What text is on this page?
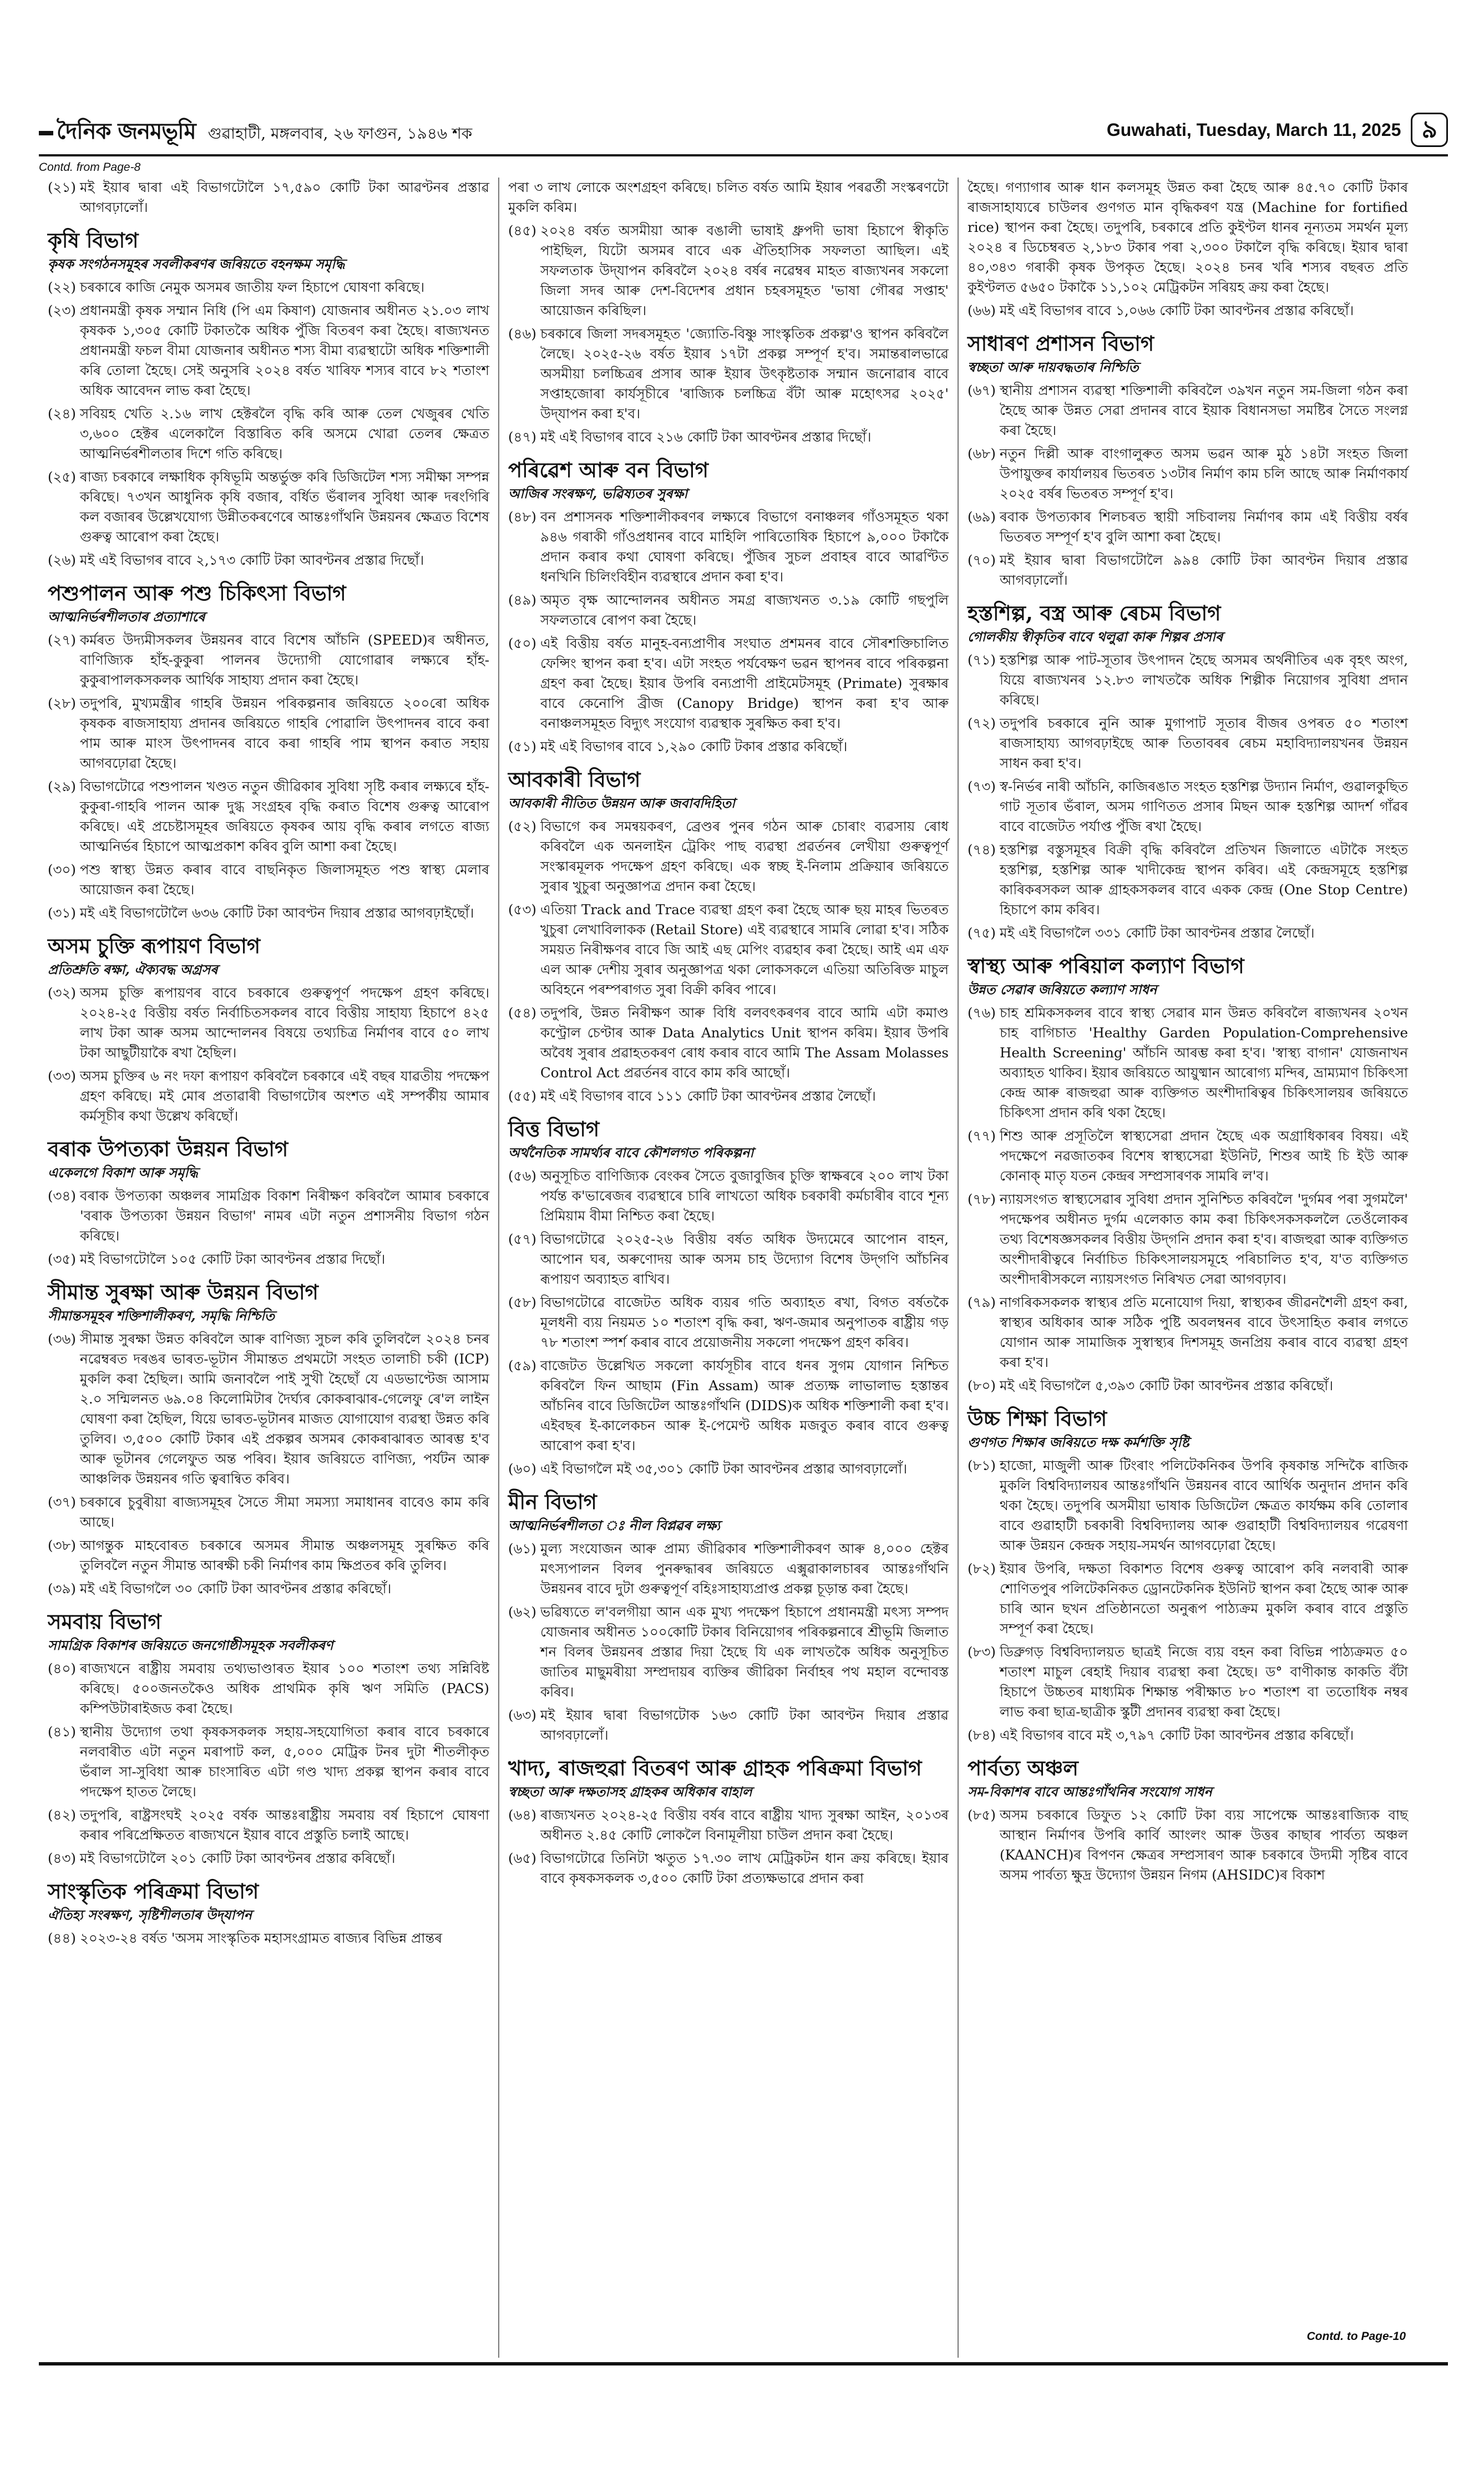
দৈনিক জনমভূমি গুৱাহাটী, মঙ্গলবাৰ, ২৬ ফাগুন, ১৯৪৬ শক	Guwahati, Tuesday, March 11, 2025 ৯
Contd. from Page-8
(২১) মই ইয়াৰ দ্বাৰা এই বিভাগটোলৈ ১৭,৫৯০ কোটি টকা আৱণ্টনৰ প্ৰস্তাৱ আগবঢ়ালোঁ।
কৃষি বিভাগ
কৃষক সংগঠনসমূহৰ সবলীকৰণৰ জৰিয়তে বহনক্ষম সমৃদ্ধি
(২২) চৰকাৰে কাজি নেমুক অসমৰ জাতীয় ফল হিচাপে ঘোষণা কৰিছে।
(২৩) প্ৰধানমন্ত্ৰী কৃষক সম্মান নিধি (পি এম কিষাণ) যোজনাৰ অধীনত ২১.০৩ লাখ কৃষকক ১,৩০৫ কোটি টকাতকৈ অধিক পুঁজি বিতৰণ কৰা হৈছে। ৰাজ্যখনত প্ৰধানমন্ত্ৰী ফচল বীমা যোজনাৰ অধীনত শস্য বীমা ব্যৱস্থাটো অধিক শক্তিশালী কৰি তোলা হৈছে। সেই অনুসৰি ২০২৪ বৰ্ষত খাৰিফ শস্যৰ বাবে ৮২ শতাংশ অধিক আবেদন লাভ কৰা হৈছে।
(২৪) সবিয়হ খেতি ২.১৬ লাখ হেক্টৰলৈ বৃদ্ধি কৰি আৰু তেল খেজুৰৰ খেতি ৩,৬০০ হেক্টৰ এলেকালৈ বিস্তাৰিত কৰি অসমে খোৱা তেলৰ ক্ষেত্ৰত আত্মনিৰ্ভৰশীলতাৰ দিশে গতি কৰিছে।
(২৫) ৰাজ্য চৰকাৰে লক্ষাধিক কৃষিভূমি অন্তৰ্ভুক্ত কৰি ডিজিটেল শস্য সমীক্ষা সম্পন্ন কৰিছে। ৭৩খন আধুনিক কৃষি বজাৰ, বৰ্ধিত ভঁৰালৰ সুবিধা আৰু দৰংগিৰি কল বজাৰৰ উল্লেখযোগ্য উন্নীতকৰণেৰে আন্তঃগাঁথনি উন্নয়নৰ ক্ষেত্ৰত বিশেষ গুৰুত্ব আৰোপ কৰা হৈছে।
(২৬) মই এই বিভাগৰ বাবে ২,১৭৩ কোটি টকা আবণ্টনৰ প্ৰস্তাৱ দিছোঁ।
পশুপালন আৰু পশু চিকিৎসা বিভাগ
আত্মনিৰ্ভৰশীলতাৰ প্ৰত্যাশাৰে
(২৭) কৰ্মৰত উদ্যমীসকলৰ উন্নয়নৰ বাবে বিশেষ আঁচনি (SPEED)ৰ অধীনত, বাণিজ্যিক হাঁহ-কুকুৰা পালনৰ উদ্যোগী যোগোৱাৰ লক্ষ্যৰে হাঁহ-কুকুৰাপালকসকলক আৰ্থিক সাহায্য প্ৰদান কৰা হৈছে।
(২৮) তদুপৰি, মুখ্যমন্ত্ৰীৰ গাহৰি উন্নয়ন পৰিকল্পনাৰ জৰিয়তে ২০০ৰো অধিক কৃষকক ৰাজসাহায্য প্ৰদানৰ জৰিয়তে গাহৰি পোৱালি উৎপাদনৰ বাবে কৰা পাম আৰু মাংস উৎপাদনৰ বাবে কৰা গাহৰি পাম স্থাপন কৰাত সহায় আগবঢ়োৱা হৈছে।
(২৯) বিভাগটোৱে পশুপালন খণ্ডত নতুন জীৱিকাৰ সুবিধা সৃষ্টি কৰাৰ লক্ষ্যৰে হাঁহ-কুকুৰা-গাহৰি পালন আৰু দুগ্ধ সংগ্ৰহৰ বৃদ্ধি কৰাত বিশেষ গুৰুত্ব আৰোপ কৰিছে। এই প্ৰচেষ্টাসমূহৰ জৰিয়তে কৃষকৰ আয় বৃদ্ধি কৰাৰ লগতে ৰাজ্য আত্মনিৰ্ভৰ হিচাপে আত্মপ্ৰকাশ কৰিব বুলি আশা কৰা হৈছে।
(৩০) পশু স্বাস্থ্য উন্নত কৰাৰ বাবে বাছনিকৃত জিলাসমূহত পশু স্বাস্থ্য মেলাৰ আয়োজন কৰা হৈছে।
(৩১) মই এই বিভাগটোলৈ ৬৩৬ কোটি টকা আবণ্টন দিয়াৰ প্ৰস্তাৱ আগবঢ়াইছোঁ।
অসম চুক্তি ৰূপায়ণ বিভাগ
প্ৰতিশ্ৰুতি ৰক্ষা, ঐক্যবদ্ধ অগ্ৰসৰ
(৩২) অসম চুক্তি ৰূপায়ণৰ বাবে চৰকাৰে গুৰুত্বপূৰ্ণ পদক্ষেপ গ্ৰহণ কৰিছে। ২০২৪-২৫ বিত্তীয় বৰ্ষত নিৰ্বাচিতসকলৰ বাবে বিত্তীয় সাহায্য হিচাপে ৪২৫ লাখ টকা আৰু অসম আন্দোলনৰ বিষয়ে তথ্যচিত্ৰ নিৰ্মাণৰ বাবে ৫০ লাখ টকা আছুটীয়াকৈ ৰখা হৈছিল।
(৩৩) অসম চুক্তিৰ ৬ নং দফা ৰূপায়ণ কৰিবলৈ চৰকাৰে এই বছৰ যাৱতীয় পদক্ষেপ গ্ৰহণ কৰিছে। মই মোৰ প্ৰতাৱাৰী বিভাগটোৰ অংশত এই সম্পৰ্কীয় আমাৰ কৰ্মসূচীৰ কথা উল্লেখ কৰিছোঁ।
বৰাক উপত্যকা উন্নয়ন বিভাগ
একেলগে বিকাশ আৰু সমৃদ্ধি
(৩৪) বৰাক উপত্যকা অঞ্চলৰ সামগ্ৰিক বিকাশ নিৰীক্ষণ কৰিবলৈ আমাৰ চৰকাৰে 'বৰাক উপত্যকা উন্নয়ন বিভাগ' নামৰ এটা নতুন প্ৰশাসনীয় বিভাগ গঠন কৰিছে।
(৩৫) মই বিভাগটোলৈ ১০৫ কোটি টকা আবণ্টনৰ প্ৰস্তাৱ দিছোঁ।
সীমান্ত সুৰক্ষা আৰু উন্নয়ন বিভাগ
সীমান্তসমূহৰ শক্তিশালীকৰণ, সমৃদ্ধি নিশ্চিতি
(৩৬) সীমান্ত সুৰক্ষা উন্নত কৰিবলৈ আৰু বাণিজ্য সুচল কৰি তুলিবলৈ ২০২৪ চনৰ নৱেম্বৰত দৰঙৰ ভাৰত-ভূটান সীমান্তত প্ৰথমটো সংহত তালাচী চকী (ICP) মুকলি কৰা হৈছিল। আমি জনাবলৈ পাই সুখী হৈছোঁ যে এডভাণ্টেজ আসাম ২.০ সন্মিলনত ৬৯.০৪ কিলোমিটাৰ দৈৰ্ঘ্যৰ কোকৰাঝাৰ-গেলেফু ৰে'ল লাইন ঘোষণা কৰা হৈছিল, যিয়ে ভাৰত-ভূটানৰ মাজত যোগাযোগ ব্যৱস্থা উন্নত কৰি তুলিব। ৩,৫০০ কোটি টকাৰ এই প্ৰকল্পৰ অসমৰ কোকৰাঝাৰত আৰম্ভ হ'ব আৰু ভূটানৰ গেলেফুত অন্ত পৰিব। ইয়াৰ জৰিয়তে বাণিজ্য, পৰ্যটন আৰু আঞ্চলিক উন্নয়নৰ গতি ত্বৰান্বিত কৰিব।
(৩৭) চৰকাৰে চুবুৰীয়া ৰাজ্যসমূহৰ সৈতে সীমা সমস্যা সমাধানৰ বাবেও কাম কৰি আছে।
(৩৮) আগন্তুক মাহবোৰত চৰকাৰে অসমৰ সীমান্ত অঞ্চলসমূহ সুৰক্ষিত কৰি তুলিবলৈ নতুন সীমান্ত আৰক্ষী চকী নিৰ্মাণৰ কাম ক্ষিপ্ৰতৰ কৰি তুলিব।
(৩৯) মই এই বিভাগলৈ ৩০ কোটি টকা আবণ্টনৰ প্ৰস্তাৱ কৰিছোঁ।
সমবায় বিভাগ
সামগ্ৰিক বিকাশৰ জৰিয়তে জনগোষ্ঠীসমূহক সবলীকৰণ
(৪০) ৰাজ্যখনে ৰাষ্ট্ৰীয় সমবায় তথ্যভাণ্ডাৰত ইয়াৰ ১০০ শতাংশ তথ্য সন্নিবিষ্ট কৰিছে। ৫০০জনতকৈও অধিক প্ৰাথমিক কৃষি ঋণ সমিতি (PACS) কম্পিউটাৰাইজড কৰা হৈছে।
(৪১) স্থানীয় উদ্যোগ তথা কৃষকসকলক সহায়-সহযোগিতা কৰাৰ বাবে চৰকাৰে নলবাৰীত এটা নতুন মৰাপাট কল, ৫,০০০ মেট্ৰিক টনৰ দুটা শীতলীকৃত ভঁৰাল সা-সুবিধা আৰু চাংসাৰিত এটা গণ্ড খাদ্য প্ৰকল্প স্থাপন কৰাৰ বাবে পদক্ষেপ হাতত লৈছে।
(৪২) তদুপৰি, ৰাষ্ট্ৰসংঘই ২০২৫ বৰ্ষক আন্তঃৰাষ্ট্ৰীয় সমবায় বৰ্ষ হিচাপে ঘোষণা কৰাৰ পৰিপ্ৰেক্ষিতত ৰাজ্যখনে ইয়াৰ বাবে প্ৰস্তুতি চলাই আছে।
(৪৩) মই বিভাগটোলৈ ২০১ কোটি টকা আবণ্টনৰ প্ৰস্তাৱ কৰিছোঁ।
সাংস্কৃতিক পৰিক্ৰমা বিভাগ
ঐতিহ্য সংৰক্ষণ, সৃষ্টিশীলতাৰ উদ্‌যাপন
(৪৪) ২০২৩-২৪ বৰ্ষত 'অসম সাংস্কৃতিক মহাসংগ্ৰামত ৰাজ্যৰ বিভিন্ন প্ৰান্তৰ
পৰা ৩ লাখ লোকে অংশগ্ৰহণ কৰিছে। চলিত বৰ্ষত আমি ইয়াৰ পৰৱৰ্তী সংস্কৰণটো মুকলি কৰিম।
(৪৫) ২০২৪ বৰ্ষত অসমীয়া আৰু বঙালী ভাষাই ধ্ৰুপদী ভাষা হিচাপে স্বীকৃতি পাইছিল, যিটো অসমৰ বাবে এক ঐতিহাসিক সফলতা আছিল। এই সফলতাক উদ্‌যাপন কৰিবলৈ ২০২৪ বৰ্ষৰ নৱেম্বৰ মাহত ৰাজ্যখনৰ সকলো জিলা সদৰ আৰু দেশ-বিদেশৰ প্ৰধান চহৰসমূহত 'ভাষা গৌৰৱ সপ্তাহ' আয়োজন কৰিছিল।
(৪৬) চৰকাৰে জিলা সদৰসমূহত 'জ্যোতি-বিষ্ণু সাংস্কৃতিক প্ৰকল্প'ও স্থাপন কৰিবলৈ লৈছে। ২০২৫-২৬ বৰ্ষত ইয়াৰ ১৭টা প্ৰকল্প সম্পূৰ্ণ হ'ব। সমান্তৰালভাৱে অসমীয়া চলচ্চিত্ৰৰ প্ৰসাৰ আৰু ইয়াৰ উৎকৃষ্টতাক সন্মান জনোৱাৰ বাবে সপ্তাহজোৰা কাৰ্যসূচীৰে 'ৰাজ্যিক চলচ্চিত্ৰ বঁটা আৰু মহোৎসৱ ২০২৫' উদ্‌যাপন কৰা হ'ব।
(৪৭) মই এই বিভাগৰ বাবে ২১৬ কোটি টকা আবণ্টনৰ প্ৰস্তাৱ দিছোঁ।
পৰিৱেশ আৰু বন বিভাগ
আজিৰ সংৰক্ষণ, ভৱিষ্যতৰ সুৰক্ষা
(৪৮) বন প্ৰশাসনক শক্তিশালীকৰণৰ লক্ষ্যৰে বিভাগে বনাঞ্চলৰ গাঁওসমূহত থকা ৯৪৬ গৰাকী গাঁওপ্ৰধানৰ বাবে মাহিলি পাৰিতোষিক হিচাপে ৯,০০০ টকাকৈ প্ৰদান কৰাৰ কথা ঘোষণা কৰিছে। পুঁজিৰ সুচল প্ৰবাহৰ বাবে আৱণ্টিত ধনখিনি চিলিংবিহীন ব্যৱস্থাৰে প্ৰদান কৰা হ'ব।
(৪৯) অমৃত বৃক্ষ আন্দোলনৰ অধীনত সমগ্ৰ ৰাজ্যখনত ৩.১৯ কোটি গছপুলি সফলতাৰে ৰোপণ কৰা হৈছে।
(৫০) এই বিত্তীয় বৰ্ষত মানুহ-বন্যপ্ৰাণীৰ সংঘাত প্ৰশমনৰ বাবে সৌৰশক্তিচালিত ফেন্সিং স্থাপন কৰা হ'ব। এটা সংহত পৰ্যবেক্ষণ ভৱন স্থাপনৰ বাবে পৰিকল্পনা গ্ৰহণ কৰা হৈছে। ইয়াৰ উপৰি বন্যপ্ৰাণী প্ৰাইমেটসমূহ (Primate) সুৰক্ষাৰ বাবে কেনোপি ব্ৰীজ (Canopy Bridge) স্থাপন কৰা হ'ব আৰু বনাঞ্চলসমূহত বিদ্যুৎ সংযোগ ব্যৱস্থাক সুৰক্ষিত কৰা হ'ব।
(৫১) মই এই বিভাগৰ বাবে ১,২৯০ কোটি টকাৰ প্ৰস্তাৱ কৰিছোঁ।
আবকাৰী বিভাগ
আবকাৰী নীতিত উন্নয়ন আৰু জবাবদিহিতা
(৫২) বিভাগে কৰ সমন্বয়কৰণ, ব্ৰেণ্ডৰ পুনৰ গঠন আৰু চোৰাং ব্যৱসায় ৰোধ কৰিবলৈ এক অনলাইন ট্ৰেকিং পাছ ব্যৱস্থা প্ৰৱৰ্তনৰ লেখীয়া গুৰুত্বপূৰ্ণ সংস্কাৰমূলক পদক্ষেপ গ্ৰহণ কৰিছে। এক স্বচ্ছ ই-নিলাম প্ৰক্ৰিয়াৰ জৰিয়তে সুৰাৰ খুচুৰা অনুজ্ঞাপত্ৰ প্ৰদান কৰা হৈছে।
(৫৩) এতিয়া Track and Trace ব্যৱস্থা গ্ৰহণ কৰা হৈছে আৰু ছয় মাহৰ ভিতৰত খুচুৰা লেখাবিলাকক (Retail Store) এই ব্যৱস্থাৰে সামৰি লোৱা হ'ব। সঠিক সময়ত নিৰীক্ষণৰ বাবে জি আই এছ মেপিং ব্যৱহাৰ কৰা হৈছে। আই এম এফ এল আৰু দেশীয় সুৰাৰ অনুজ্ঞাপত্ৰ থকা লোকসকলে এতিয়া অতিৰিক্ত মাচুল অবিহনে পৰম্পৰাগত সুৰা বিক্ৰী কৰিব পাৰে।
(৫৪) তদুপৰি, উন্নত নিৰীক্ষণ আৰু বিধি বলবৎকৰণৰ বাবে আমি এটা কমাণ্ড কণ্ট্ৰোল চেণ্টাৰ আৰু Data Analytics Unit স্থাপন কৰিম। ইয়াৰ উপৰি অবৈধ সুৰাৰ প্ৰৱাহতকৰণ ৰোধ কৰাৰ বাবে আমি The Assam Molasses Control Act প্ৰৱৰ্তনৰ বাবে কাম কৰি আছোঁ।
(৫৫) মই এই বিভাগৰ বাবে ১১১ কোটি টকা আবণ্টনৰ প্ৰস্তাৱ লৈছোঁ।
বিত্ত বিভাগ
অৰ্থনৈতিক সামৰ্থ্যৰ বাবে কৌশলগত পৰিকল্পনা
(৫৬) অনুসূচিত বাণিজ্যিক বেংকৰ সৈতে বুজাবুজিৰ চুক্তি স্বাক্ষৰৰে ২০০ লাখ টকা পৰ্যন্ত ক'ভাৰেজৰ ব্যৱস্থাৰে চাৰি লাখতো অধিক চৰকাৰী কৰ্মচাৰীৰ বাবে শূন্য প্ৰিমিয়াম বীমা নিশ্চিত কৰা হৈছে।
(৫৭) বিভাগটোৱে ২০২৫-২৬ বিত্তীয় বৰ্ষত অধিক উদ্যমেৰে আপোন বাহন, আপোন ঘৰ, অৰুণোদয় আৰু অসম চাহ উদ্যোগ বিশেষ উদ্‌গণি আঁচনিৰ ৰূপায়ণ অব্যাহত ৰাখিব।
(৫৮) বিভাগটোৱে বাজেটত অধিক ব্যয়ৰ গতি অব্যাহত ৰখা, বিগত বৰ্ষতকৈ মূলধনী ব্যয় নিয়মত ১০ শতাংশ বৃদ্ধি কৰা, ঋণ-জমাৰ অনুপাতক ৰাষ্ট্ৰীয় গড় ৭৮ শতাংশ স্পৰ্শ কৰাৰ বাবে প্ৰয়োজনীয় সকলো পদক্ষেপ গ্ৰহণ কৰিব।
(৫৯) বাজেটত উল্লেখিত সকলো কাৰ্যসূচীৰ বাবে ধনৰ সুগম যোগান নিশ্চিত কৰিবলৈ ফিন আছাম (Fin Assam) আৰু প্ৰত্যক্ষ লাভালাভ হস্তান্তৰ আঁচনিৰ বাবে ডিজিটেল আন্তঃগাঁথনি (DIDS)ক অধিক শক্তিশালী কৰা হ'ব। এইবছৰ ই-কালেকচন আৰু ই-পেমেণ্ট অধিক মজবুত কৰাৰ বাবে গুৰুত্ব আৰোপ কৰা হ'ব।
(৬০) এই বিভাগলৈ মই ৩৫,৩০১ কোটি টকা আবণ্টনৰ প্ৰস্তাৱ আগবঢ়ালোঁ।
মীন বিভাগ
আত্মনিৰ্ভৰশীলতা ঃ নীল বিপ্লৱৰ লক্ষ্য
(৬১) মুল্য সংযোজন আৰু প্ৰাম্য জীৱিকাৰ শক্তিশালীকৰণ আৰু ৪,০০০ হেক্টৰ মৎস্যপালন বিলৰ পুনৰুদ্ধাৰৰ জৰিয়তে এক্সুৱাকালচাৰৰ আন্তঃগাঁথনি উন্নয়নৰ বাবে দুটা গুৰুত্বপূৰ্ণ বহিঃসাহায্যপ্ৰাপ্ত প্ৰকল্প চূড়ান্ত কৰা হৈছে।
(৬২) ভৱিষ্যতে ল'বলগীয়া আন এক মুখ্য পদক্ষেপ হিচাপে প্ৰধানমন্ত্ৰী মৎস্য সম্পদ যোজনাৰ অধীনত ১০০কোটি টকাৰ বিনিয়োগৰ পৰিকল্পনাৰে শ্ৰীভূমি জিলাত শন বিলৰ উন্নয়নৰ প্ৰস্তাৱ দিয়া হৈছে যি এক লাখতকৈ অধিক অনুসূচিত জাতিৰ মাছুমৰীয়া সম্প্ৰদায়ৰ ব্যক্তিৰ জীৱিকা নিৰ্বাহৰ পথ মহাল বন্দোবস্ত কৰিব।
(৬৩) মই ইয়াৰ দ্বাৰা বিভাগটোক ১৬৩ কোটি টকা আবণ্টন দিয়াৰ প্ৰস্তাৱ আগবঢ়ালোঁ।
খাদ্য, ৰাজহুৱা বিতৰণ আৰু গ্ৰাহক পৰিক্ৰমা বিভাগ
স্বচ্ছতা আৰু দক্ষতাসহ গ্ৰাহকৰ অধিকাৰ বাহাল
(৬৪) ৰাজ্যখনত ২০২৪-২৫ বিত্তীয় বৰ্ষৰ বাবে ৰাষ্ট্ৰীয় খাদ্য সুৰক্ষা আইন, ২০১৩ৰ অধীনত ২.৪৫ কোটি লোকলৈ বিনামূলীয়া চাউল প্ৰদান কৰা হৈছে।
(৬৫) বিভাগটোৱে তিনিটা ঋতুত ১৭.৩০ লাখ মেট্ৰিকটন ধান ক্ৰয় কৰিছে। ইয়াৰ বাবে কৃষকসকলক ৩,৫০০ কোটি টকা প্ৰত্যক্ষভাৱে প্ৰদান কৰা
হৈছে। গণ্যাগাৰ আৰু ধান কলসমূহ উন্নত কৰা হৈছে আৰু ৪৫.৭০ কোটি টকাৰ ৰাজসাহায্যৰে চাউলৰ গুণগত মান বৃদ্ধিকৰণ যন্ত্ৰ (Machine for fortified rice) স্থাপন কৰা হৈছে। তদুপৰি, চৰকাৰে প্ৰতি কুইণ্টল ধানৰ নূন্যতম সমৰ্থন মূল্য ২০২৪ ৰ ডিচেম্বৰত ২,১৮৩ টকাৰ পৰা ২,৩০০ টকালৈ বৃদ্ধি কৰিছে। ইয়াৰ দ্বাৰা ৪০,৩৪৩ গৰাকী কৃষক উপকৃত হৈছে। ২০২৪ চনৰ খৰি শস্যৰ বছৰত প্ৰতি কুইণ্টলত ৫৬৫০ টকাকৈ ১১,১০২ মেট্ৰিকটন সৰিয়হ ক্ৰয় কৰা হৈছে।
(৬৬) মই এই বিভাগৰ বাবে ১,০৬৬ কোটি টকা আবণ্টনৰ প্ৰস্তাৱ কৰিছোঁ।
সাধাৰণ প্ৰশাসন বিভাগ
স্বচ্ছতা আৰু দায়বদ্ধতাৰ নিশ্চিতি
(৬৭) স্থানীয় প্ৰশাসন ব্যৱস্থা শক্তিশালী কৰিবলৈ ৩৯খন নতুন সম-জিলা গঠন কৰা হৈছে আৰু উন্নত সেৱা প্ৰদানৰ বাবে ইয়াক বিধানসভা সমষ্টিৰ সৈতে সংলগ্ন কৰা হৈছে।
(৬৮) নতুন দিল্লী আৰু বাংগালুৰুত অসম ভৱন আৰু মুঠ ১৪টা সংহত জিলা উপায়ুক্তৰ কাৰ্যালয়ৰ ভিতৰত ১৩টাৰ নিৰ্মাণ কাম চলি আছে আৰু নিৰ্মাণকাৰ্য ২০২৫ বৰ্ষৰ ভিতৰত সম্পূৰ্ণ হ'ব।
(৬৯) ৰবাক উপত্যকাৰ শিলচৰত স্থায়ী সচিবালয় নিৰ্মাণৰ কাম এই বিত্তীয় বৰ্ষৰ ভিতৰত সম্পূৰ্ণ হ'ব বুলি আশা কৰা হৈছে।
(৭০) মই ইয়াৰ দ্বাৰা বিভাগটোলৈ ৯৯৪ কোটি টকা আবণ্টন দিয়াৰ প্ৰস্তাৱ আগবঢ়ালোঁ।
হস্তশিল্প, বস্ত্ৰ আৰু ৰেচম বিভাগ
গোলকীয় স্বীকৃতিৰ বাবে থলুৱা কাৰু শিল্পৰ প্ৰসাৰ
(৭১) হস্তশিল্প আৰু পাট-সূতাৰ উৎপাদন হৈছে অসমৰ অৰ্থনীতিৰ এক বৃহৎ অংগ, যিয়ে ৰাজ্যখনৰ ১২.৮৩ লাখতকৈ অধিক শিল্পীক নিয়োগৰ সুবিধা প্ৰদান কৰিছে।
(৭২) তদুপৰি চৰকাৰে নুনি আৰু মুগাপাট সূতাৰ বীজৰ ওপৰত ৫০ শতাংশ ৰাজসাহায্য আগবঢ়াইছে আৰু তিতাবৰৰ ৰেচম মহাবিদ্যালয়খনৰ উন্নয়ন সাধন কৰা হ'ব।
(৭৩) স্ব-নিৰ্ভৰ নাৰী আঁচনি, কাজিৰঙাত সংহত হস্তশিল্প উদ্যান নিৰ্মাণ, গুৱালকুছিত গাট সূতাৰ ভঁৰাল, অসম গাণিতত প্ৰসাৰ মিছন আৰু হস্তশিল্প আদৰ্শ গাঁৱৰ বাবে বাজেটত পৰ্যাপ্ত পুঁজি ৰখা হৈছে।
(৭৪) হস্তশিল্প বস্তুসমূহৰ বিক্ৰী বৃদ্ধি কৰিবলৈ প্ৰতিখন জিলাতে এটাকৈ সংহত হস্তশিল্প, হস্তশিল্প আৰু খাদীকেন্দ্ৰ স্থাপন কৰিব। এই কেন্দ্ৰসমূহে হস্তশিল্প কাৰিকৰসকল আৰু গ্ৰাহকসকলৰ বাবে একক কেন্দ্ৰ (One Stop Centre) হিচাপে কাম কৰিব।
(৭৫) মই এই বিভাগলৈ ৩৩১ কোটি টকা আবণ্টনৰ প্ৰস্তাৱ লৈছোঁ।
স্বাস্থ্য আৰু পৰিয়াল কল্যাণ বিভাগ
উন্নত সেৱাৰ জৰিয়তে কল্যাণ সাধন
(৭৬) চাহ শ্ৰমিকসকলৰ বাবে স্বাস্থ্য সেৱাৰ মান উন্নত কৰিবলৈ ৰাজ্যখনৰ ২০খন চাহ বাগিচাত 'Healthy Garden Population-Comprehensive Health Screening' আঁচনি আৰম্ভ কৰা হ'ব। 'স্বাস্থ্য বাগান' যোজনাখন অব্যাহত থাকিব। ইয়াৰ জৰিয়তে আয়ুষ্মান আৰোগ্য মন্দিৰ, ভ্ৰাম্যমাণ চিকিৎসা কেন্দ্ৰ আৰু ৰাজহুৱা আৰু ব্যক্তিগত অংশীদাৰিত্বৰ চিকিৎসালয়ৰ জৰিয়তে চিকিৎসা প্ৰদান কৰি থকা হৈছে।
(৭৭) শিশু আৰু প্ৰসূতিলৈ স্বাস্থ্যসেৱা প্ৰদান হৈছে এক অগ্ৰাধিকাৰৰ বিষয়। এই পদক্ষেপে নৱজাতকৰ বিশেষ স্বাস্থ্যসেৱা ইউনিট, শিশুৰ আই চি ইউ আৰু কোনাক্ মাতৃ যতন কেন্দ্ৰৰ সম্প্ৰসাৰণক সামৰি ল'ব।
(৭৮) ন্যায়সংগত স্বাস্থ্যসেৱাৰ সুবিধা প্ৰদান সুনিশ্চিত কৰিবলৈ 'দুৰ্গমৰ পৰা সুগমলৈ' পদক্ষেপৰ অধীনত দুৰ্গম এলেকাত কাম কৰা চিকিৎসকসকললৈ তেওঁলোকৰ তথ্য বিশেষজ্ঞসকলৰ বিত্তীয় উদ্‌গনি প্ৰদান কৰা হ'ব। ৰাজহুৱা আৰু ব্যক্তিগত অংশীদাৰীত্বৰে নিৰ্বাচিত চিকিৎসালয়সমূহে পৰিচালিত হ'ব, য'ত ব্যক্তিগত অংশীদাৰীসকলে ন্যায়সংগত নিৰিখত সেৱা আগবঢ়াব।
(৭৯) নাগৰিকসকলক স্বাস্থ্যৰ প্ৰতি মনোযোগ দিয়া, স্বাস্থ্যকৰ জীৱনশৈলী গ্ৰহণ কৰা, স্বাস্থ্যৰ অধিকাৰ আৰু সঠিক পুষ্টি অবলম্বনৰ বাবে উৎসাহিত কৰাৰ লগতে যোগান আৰু সামাজিক সুস্বাস্থ্যৰ দিশসমূহ জনপ্ৰিয় কৰাৰ বাবে ব্যৱস্থা গ্ৰহণ কৰা হ'ব।
(৮০) মই এই বিভাগলৈ ৫,৩৯৩ কোটি টকা আবণ্টনৰ প্ৰস্তাৱ কৰিছোঁ।
উচ্চ শিক্ষা বিভাগ
গুণগত শিক্ষাৰ জৰিয়তে দক্ষ কৰ্মশক্তি সৃষ্টি
(৮১) হাজো, মাজুলী আৰু টিংৰাং পলিটেকনিকৰ উপৰি কৃষকান্ত সন্দিকৈ ৰাজিক মুকলি বিশ্ববিদ্যালয়ৰ আন্তঃগাঁথনি উন্নয়নৰ বাবে আৰ্থিক অনুদান প্ৰদান কৰি থকা হৈছে। তদুপৰি অসমীয়া ভাষাক ডিজিটেল ক্ষেত্ৰত কাৰ্যক্ষম কৰি তোলাৰ বাবে গুৱাহাটী চৰকাৰী বিশ্ববিদ্যালয় আৰু গুৱাহাটী বিশ্ববিদ্যালয়ৰ গৱেষণা আৰু উন্নয়ন কেন্দ্ৰক সহায়-সমৰ্থন আগবঢ়োৱা হৈছে।
(৮২) ইয়াৰ উপৰি, দক্ষতা বিকাশত বিশেষ গুৰুত্ব আৰোপ কৰি নলবাৰী আৰু শোণিতপুৰ পলিটেকনিকত ড্ৰোনটেকনিক ইউনিট স্থাপন কৰা হৈছে আৰু আৰু চাৰি আন ছখন প্ৰতিষ্ঠানতো অনুৰূপ পাঠ্যক্ৰম মুকলি কৰাৰ বাবে প্ৰস্তুতি সম্পূৰ্ণ কৰা হৈছে।
(৮৩) ডিব্ৰুগড় বিশ্ববিদ্যালয়ত ছাত্ৰই নিজে ব্যয় বহন কৰা বিভিন্ন পাঠ্যক্ৰমত ৫০ শতাংশ মাচুল ৰেহাই দিয়াৰ ব্যৱস্থা কৰা হৈছে। ড° বাণীকান্ত কাকতি বঁটা হিচাপে উচ্চতৰ মাধ্যমিক শিক্ষান্ত পৰীক্ষাত ৮০ শতাংশ বা ততোধিক নম্বৰ লাভ কৰা ছাত্ৰ-ছাত্ৰীক স্কুটী প্ৰদানৰ ব্যৱস্থা কৰা হৈছে।
(৮৪) এই বিভাগৰ বাবে মই ৩,৭৯৭ কোটি টকা আবণ্টনৰ প্ৰস্তাৱ কৰিছোঁ।
পাৰ্বত্য অঞ্চল
সম-বিকাশৰ বাবে আন্তঃগাঁথনিৰ সংযোগ সাধন
(৮৫) অসম চৰকাৰে ডিফুত ১২ কোটি টকা ব্যয় সাপেক্ষে আন্তঃৰাজ্যিক বাছ আস্থান নিৰ্মাণৰ উপৰি কাৰ্বি আংলং আৰু উত্তৰ কাছাৰ পাৰ্বত্য অঞ্চল (KAANCH)ৰ বিপণন ক্ষেত্ৰৰ সম্প্ৰসাৰণ আৰু চৰকাৰে উদ্যমী সৃষ্টিৰ বাবে অসম পাৰ্বত্য ক্ষুদ্ৰ উদ্যোগ উন্নয়ন নিগম (AHSIDC)ৰ বিকাশ
Contd. to Page-10
